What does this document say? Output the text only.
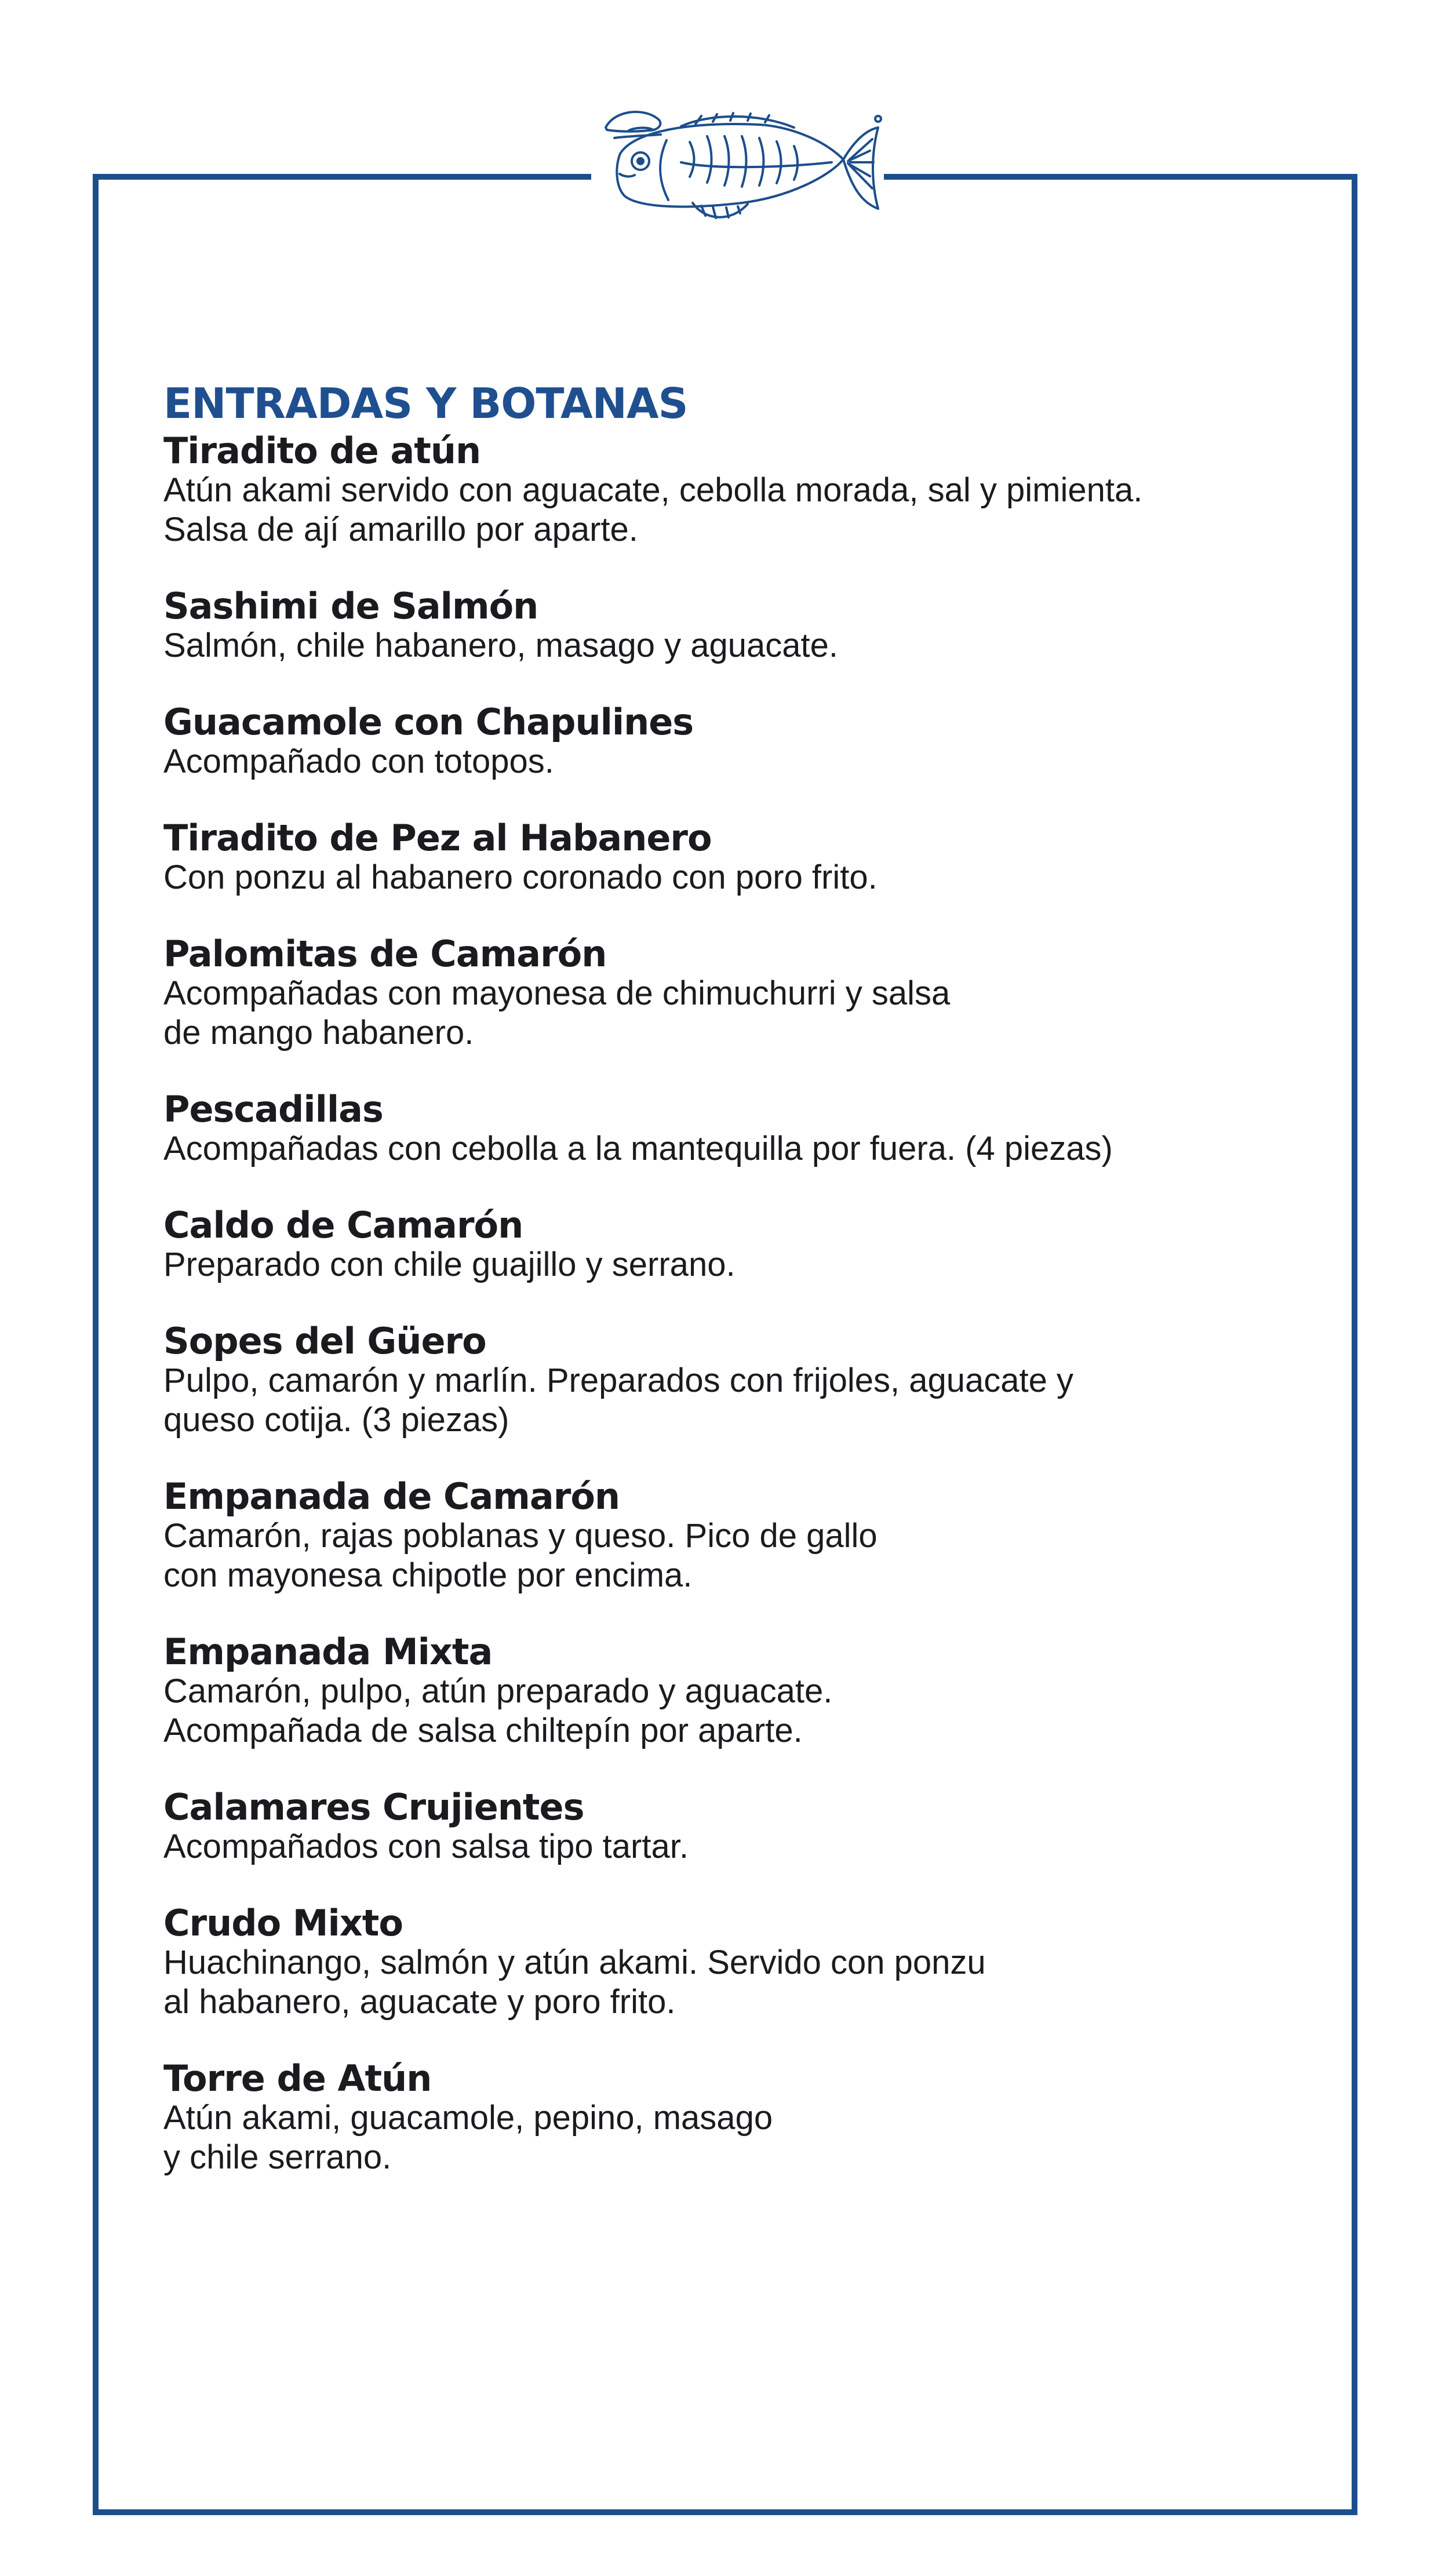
ENTRADAS Y BOTANAS

Tiradito de atún

Atún akami servido con aguacate, cebolla morada, sal y pimienta.
Salsa de ají amarillo por aparte.

Sashimi de Salmón

Salmón, chile habanero, masago y aguacate.

Guacamole con Chapulines

Acompañado con totopos.

Tiradito de Pez al Habanero

Con ponzu al habanero coronado con poro frito.

Palomitas de Camarón

Acompañadas con mayonesa de chimuchurri y salsa
de mango habanero.

Pescadillas

Acompañadas con cebolla a la mantequilla por fuera. (4 piezas)

Caldo de Camarón

Preparado con chile guajillo y serrano.

Sopes del Güero

Pulpo, camarón y marlín. Preparados con frijoles, aguacate y
queso cotija. (3 piezas)

Empanada de Camarón

Camarón, rajas poblanas y queso. Pico de gallo
con mayonesa chipotle por encima.

Empanada Mixta

Camarón, pulpo, atún preparado y aguacate.
Acompañada de salsa chiltepín por aparte.

Calamares Crujientes

Acompañados con salsa tipo tartar.

Crudo Mixto

Huachinango, salmón y atún akami. Servido con ponzu
al habanero, aguacate y poro frito.

Torre de Atún

Atún akami, guacamole, pepino, masago
y chile serrano.
